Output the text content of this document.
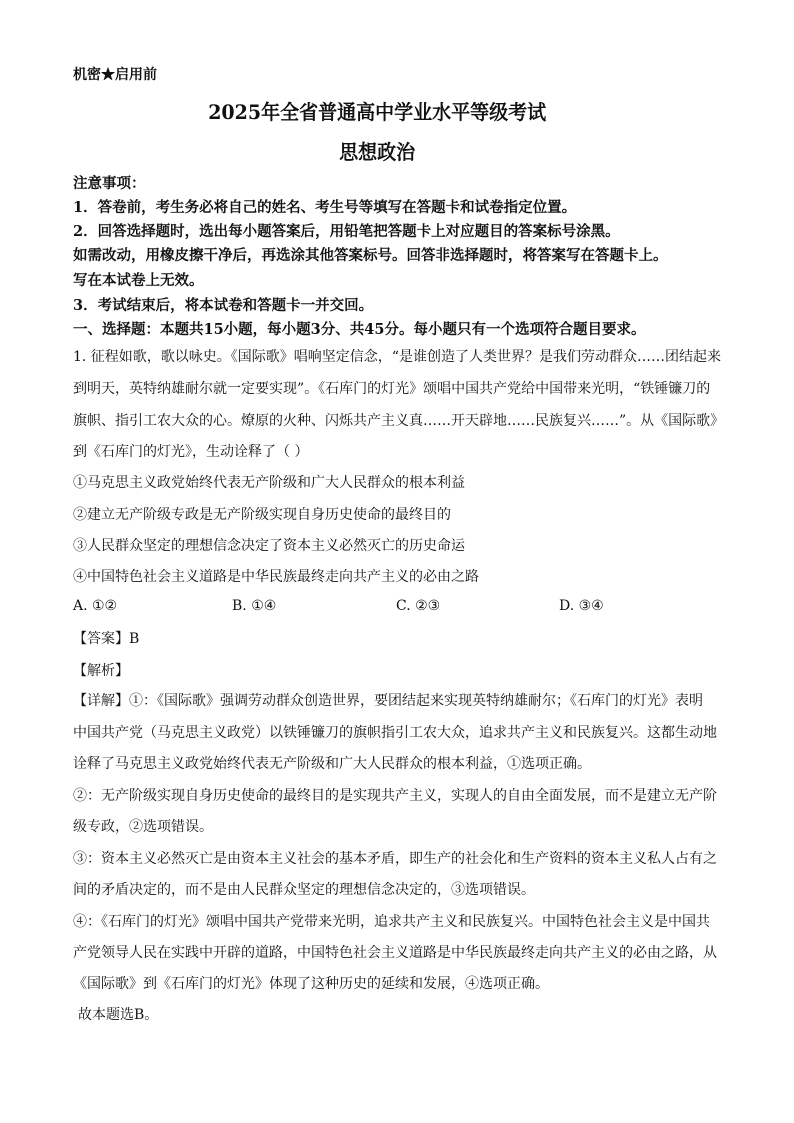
机密★启用前
2025年全省普通高中学业水平等级考试
思想政治
注意事项：
1．答卷前，考生务必将自己的姓名、考生号等填写在答题卡和试卷指定位置。
2．回答选择题时，选出每小题答案后，用铅笔把答题卡上对应题目的答案标号涂黑。
如需改动，用橡皮擦干净后，再选涂其他答案标号。回答非选择题时，将答案写在答题卡上。
写在本试卷上无效。
3．考试结束后，将本试卷和答题卡一并交回。
一、选择题：本题共15小题，每小题3分、共45分。每小题只有一个选项符合题目要求。
1. 征程如歌，歌以咏史。《国际歌》唱响坚定信念，“是谁创造了人类世界？是我们劳动群众……团结起来
到明天，英特纳雄耐尔就一定要实现”。《石库门的灯光》颂唱中国共产党给中国带来光明，“铁锤镰刀的
旗帜、指引工农大众的心。燎原的火种、闪烁共产主义真……开天辟地……民族复兴……”。从《国际歌》
到《石库门的灯光》，生动诠释了（ ）
①马克思主义政党始终代表无产阶级和广大人民群众的根本利益
②建立无产阶级专政是无产阶级实现自身历史使命的最终目的
③人民群众坚定的理想信念决定了资本主义必然灭亡的历史命运
④中国特色社会主义道路是中华民族最终走向共产主义的必由之路
A. ①②	B. ①④	C. ②③	D. ③④
【答案】B
【解析】
【详解】①：《国际歌》强调劳动群众创造世界，要团结起来实现英特纳雄耐尔；《石库门的灯光》表明
中国共产党（马克思主义政党）以铁锤镰刀的旗帜指引工农大众，追求共产主义和民族复兴。这都生动地
诠释了马克思主义政党始终代表无产阶级和广大人民群众的根本利益，①选项正确。
②：无产阶级实现自身历史使命的最终目的是实现共产主义，实现人的自由全面发展，而不是建立无产阶
级专政，②选项错误。
③：资本主义必然灭亡是由资本主义社会的基本矛盾，即生产的社会化和生产资料的资本主义私人占有之
间的矛盾决定的，而不是由人民群众坚定的理想信念决定的，③选项错误。
④：《石库门的灯光》颂唱中国共产党带来光明，追求共产主义和民族复兴。中国特色社会主义是中国共
产党领导人民在实践中开辟的道路，中国特色社会主义道路是中华民族最终走向共产主义的必由之路，从
《国际歌》到《石库门的灯光》体现了这种历史的延续和发展，④选项正确。
故本题选B。
